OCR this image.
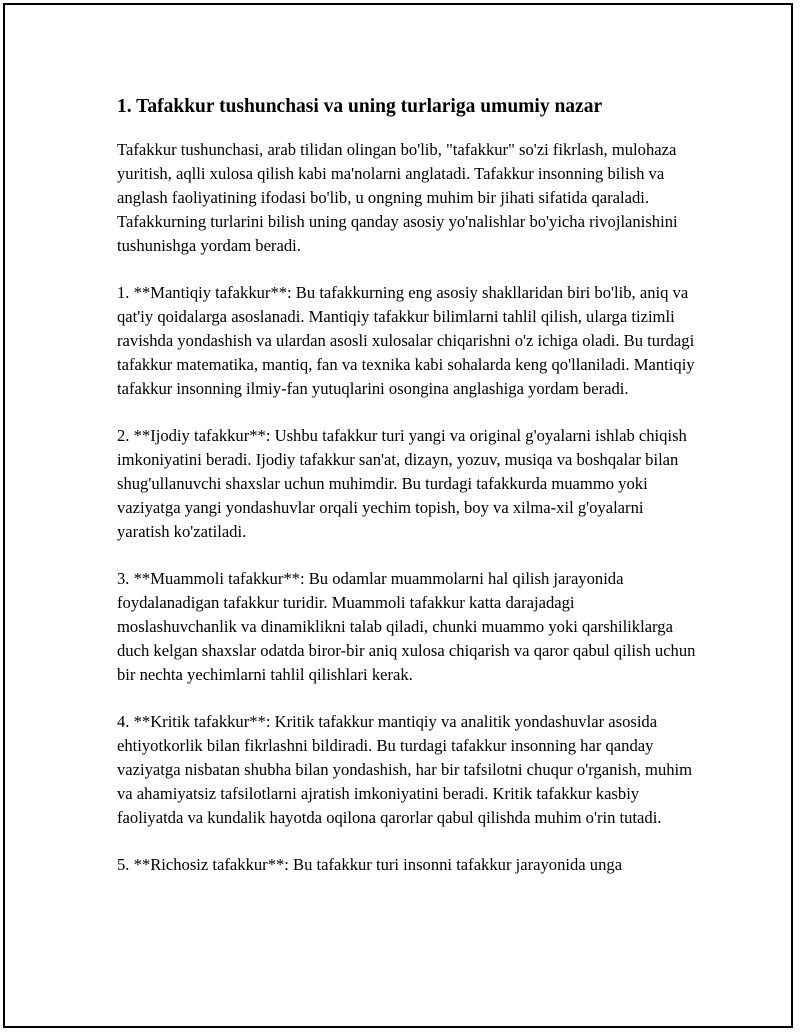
1. Tafakkur tushunchasi va uning turlariga umumiy nazar

Tafakkur tushunchasi, arab tilidan olingan bo'lib, "tafakkur" so'zi fikrlash, mulohaza yuritish, aqlli xulosa qilish kabi ma'nolarni anglatadi. Tafakkur insonning bilish va anglash faoliyatining ifodasi bo'lib, u ongning muhim bir jihati sifatida qaraladi. Tafakkurning turlarini bilish uning qanday asosiy yo'nalishlar bo'yicha rivojlanishini tushunishga yordam beradi.

1. **Mantiqiy tafakkur**: Bu tafakkurning eng asosiy shakllaridan biri bo'lib, aniq va qat'iy qoidalarga asoslanadi. Mantiqiy tafakkur bilimlarni tahlil qilish, ularga tizimli ravishda yondashish va ulardan asosli xulosalar chiqarishni o'z ichiga oladi. Bu turdagi tafakkur matematika, mantiq, fan va texnika kabi sohalarda keng qo'llaniladi. Mantiqiy tafakkur insonning ilmiy-fan yutuqlarini osongina anglashiga yordam beradi.

2. **Ijodiy tafakkur**: Ushbu tafakkur turi yangi va original g'oyalarni ishlab chiqish imkoniyatini beradi. Ijodiy tafakkur san'at, dizayn, yozuv, musiqa va boshqalar bilan shug'ullanuvchi shaxslar uchun muhimdir. Bu turdagi tafakkurda muammo yoki vaziyatga yangi yondashuvlar orqali yechim topish, boy va xilma-xil g'oyalarni yaratish ko'zatiladi.

3. **Muammoli tafakkur**: Bu odamlar muammolarni hal qilish jarayonida foydalanadigan tafakkur turidir. Muammoli tafakkur katta darajadagi moslashuvchanlik va dinamiklikni talab qiladi, chunki muammo yoki qarshiliklarga duch kelgan shaxslar odatda biror-bir aniq xulosa chiqarish va qaror qabul qilish uchun bir nechta yechimlarni tahlil qilishlari kerak.

4. **Kritik tafakkur**: Kritik tafakkur mantiqiy va analitik yondashuvlar asosida ehtiyotkorlik bilan fikrlashni bildiradi. Bu turdagi tafakkur insonning har qanday vaziyatga nisbatan shubha bilan yondashish, har bir tafsilotni chuqur o'rganish, muhim va ahamiyatsiz tafsilotlarni ajratish imkoniyatini beradi. Kritik tafakkur kasbiy faoliyatda va kundalik hayotda oqilona qarorlar qabul qilishda muhim o'rin tutadi.

5. **Richosiz tafakkur**: Bu tafakkur turi insonni tafakkur jarayonida unga
